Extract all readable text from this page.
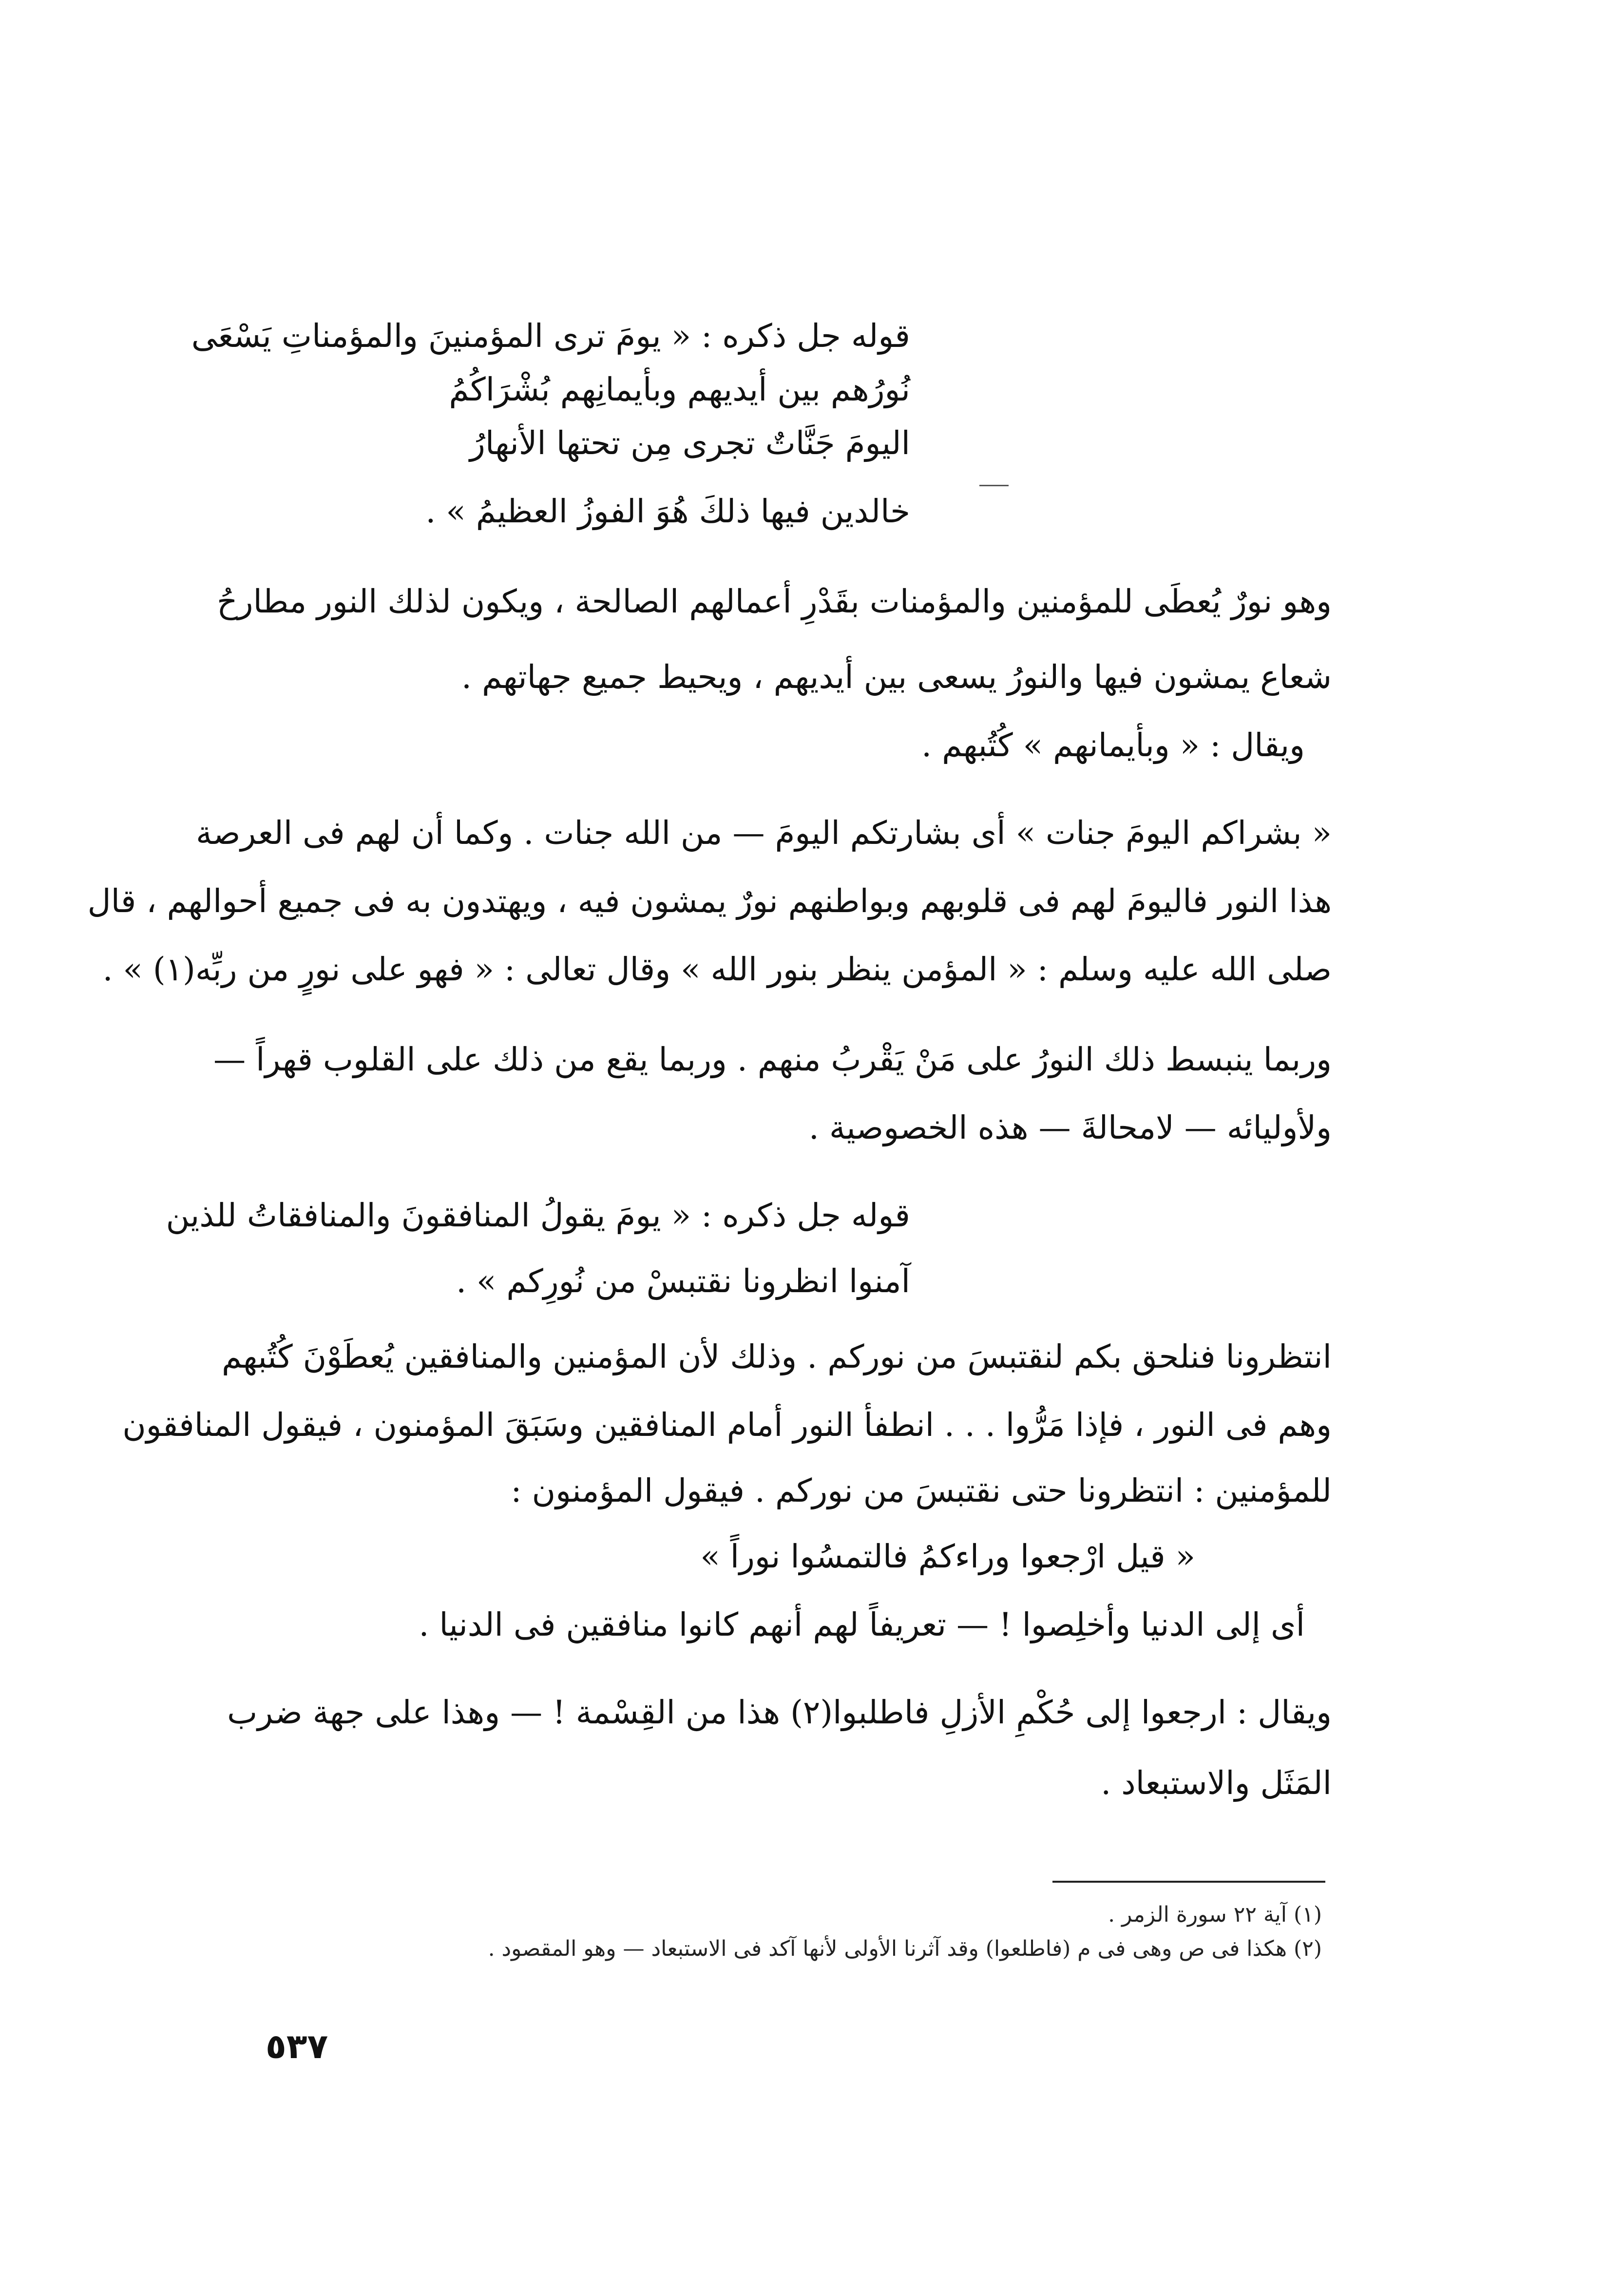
قوله جل ذكره : « يومَ ترى المؤمنينَ والمؤمناتِ يَسْعَى
نُورُهم بين أيديهم وبأيمانِهم بُشْرَاكُمُ
اليومَ جَنَّاتٌ تجرى مِن تحتها الأنهارُ
خالدين فيها ذلكَ هُوَ الفوزُ العظيمُ » .
وهو نورٌ يُعطَى للمؤمنين والمؤمنات بقَدْرِ أعمالهم الصالحة ، ويكون لذلك النور مطارحُ
شعاع يمشون فيها والنورُ يسعى بين أيديهم ، ويحيط جميع جهاتهم .
ويقال : « وبأيمانهم » كُتُبهم .
« بشراكم اليومَ جنات » أى بشارتكم اليومَ — من الله جنات . وكما أن لهم فى العرصة
هذا النور فاليومَ لهم فى قلوبهم وبواطنهم نورٌ يمشون فيه ، ويهتدون به فى جميع أحوالهم ، قال
صلى الله عليه وسلم : « المؤمن ينظر بنور الله » وقال تعالى : « فهو على نورٍ من ربِّه(١) » .
وربما ينبسط ذلك النورُ على مَنْ يَقْربُ منهم . وربما يقع من ذلك على القلوب قهراً —
ولأوليائه — لامحالةَ — هذه الخصوصية .
قوله جل ذكره : « يومَ يقولُ المنافقونَ والمنافقاتُ للذين
آمنوا انظرونا نقتبسْ من نُورِكم » .
انتظرونا فنلحق بكم لنقتبسَ من نوركم . وذلك لأن المؤمنين والمنافقين يُعطَوْنَ كُتُبهم
وهم فى النور ، فإذا مَرُّوا . . . انطفأ النور أمام المنافقين وسَبَقَ المؤمنون ، فيقول المنافقون
للمؤمنين : انتظرونا حتى نقتبسَ من نوركم . فيقول المؤمنون :
« قيل ارْجعوا وراءكمُ فالتمسُوا نوراً »
أى إلى الدنيا وأخلِصوا ! — تعريفاً لهم أنهم كانوا منافقين فى الدنيا .
ويقال : ارجعوا إلى حُكْمِ الأزلِ فاطلبوا(٢) هذا من القِسْمة ! — وهذا على جهة ضرب
المَثَل والاستبعاد .
(١) آية ٢٢ سورة الزمر .
(٢) هكذا فى ص وهى فى م (فاطلعوا) وقد آثرنا الأولى لأنها آكد فى الاستبعاد — وهو المقصود .
٥٣٧
